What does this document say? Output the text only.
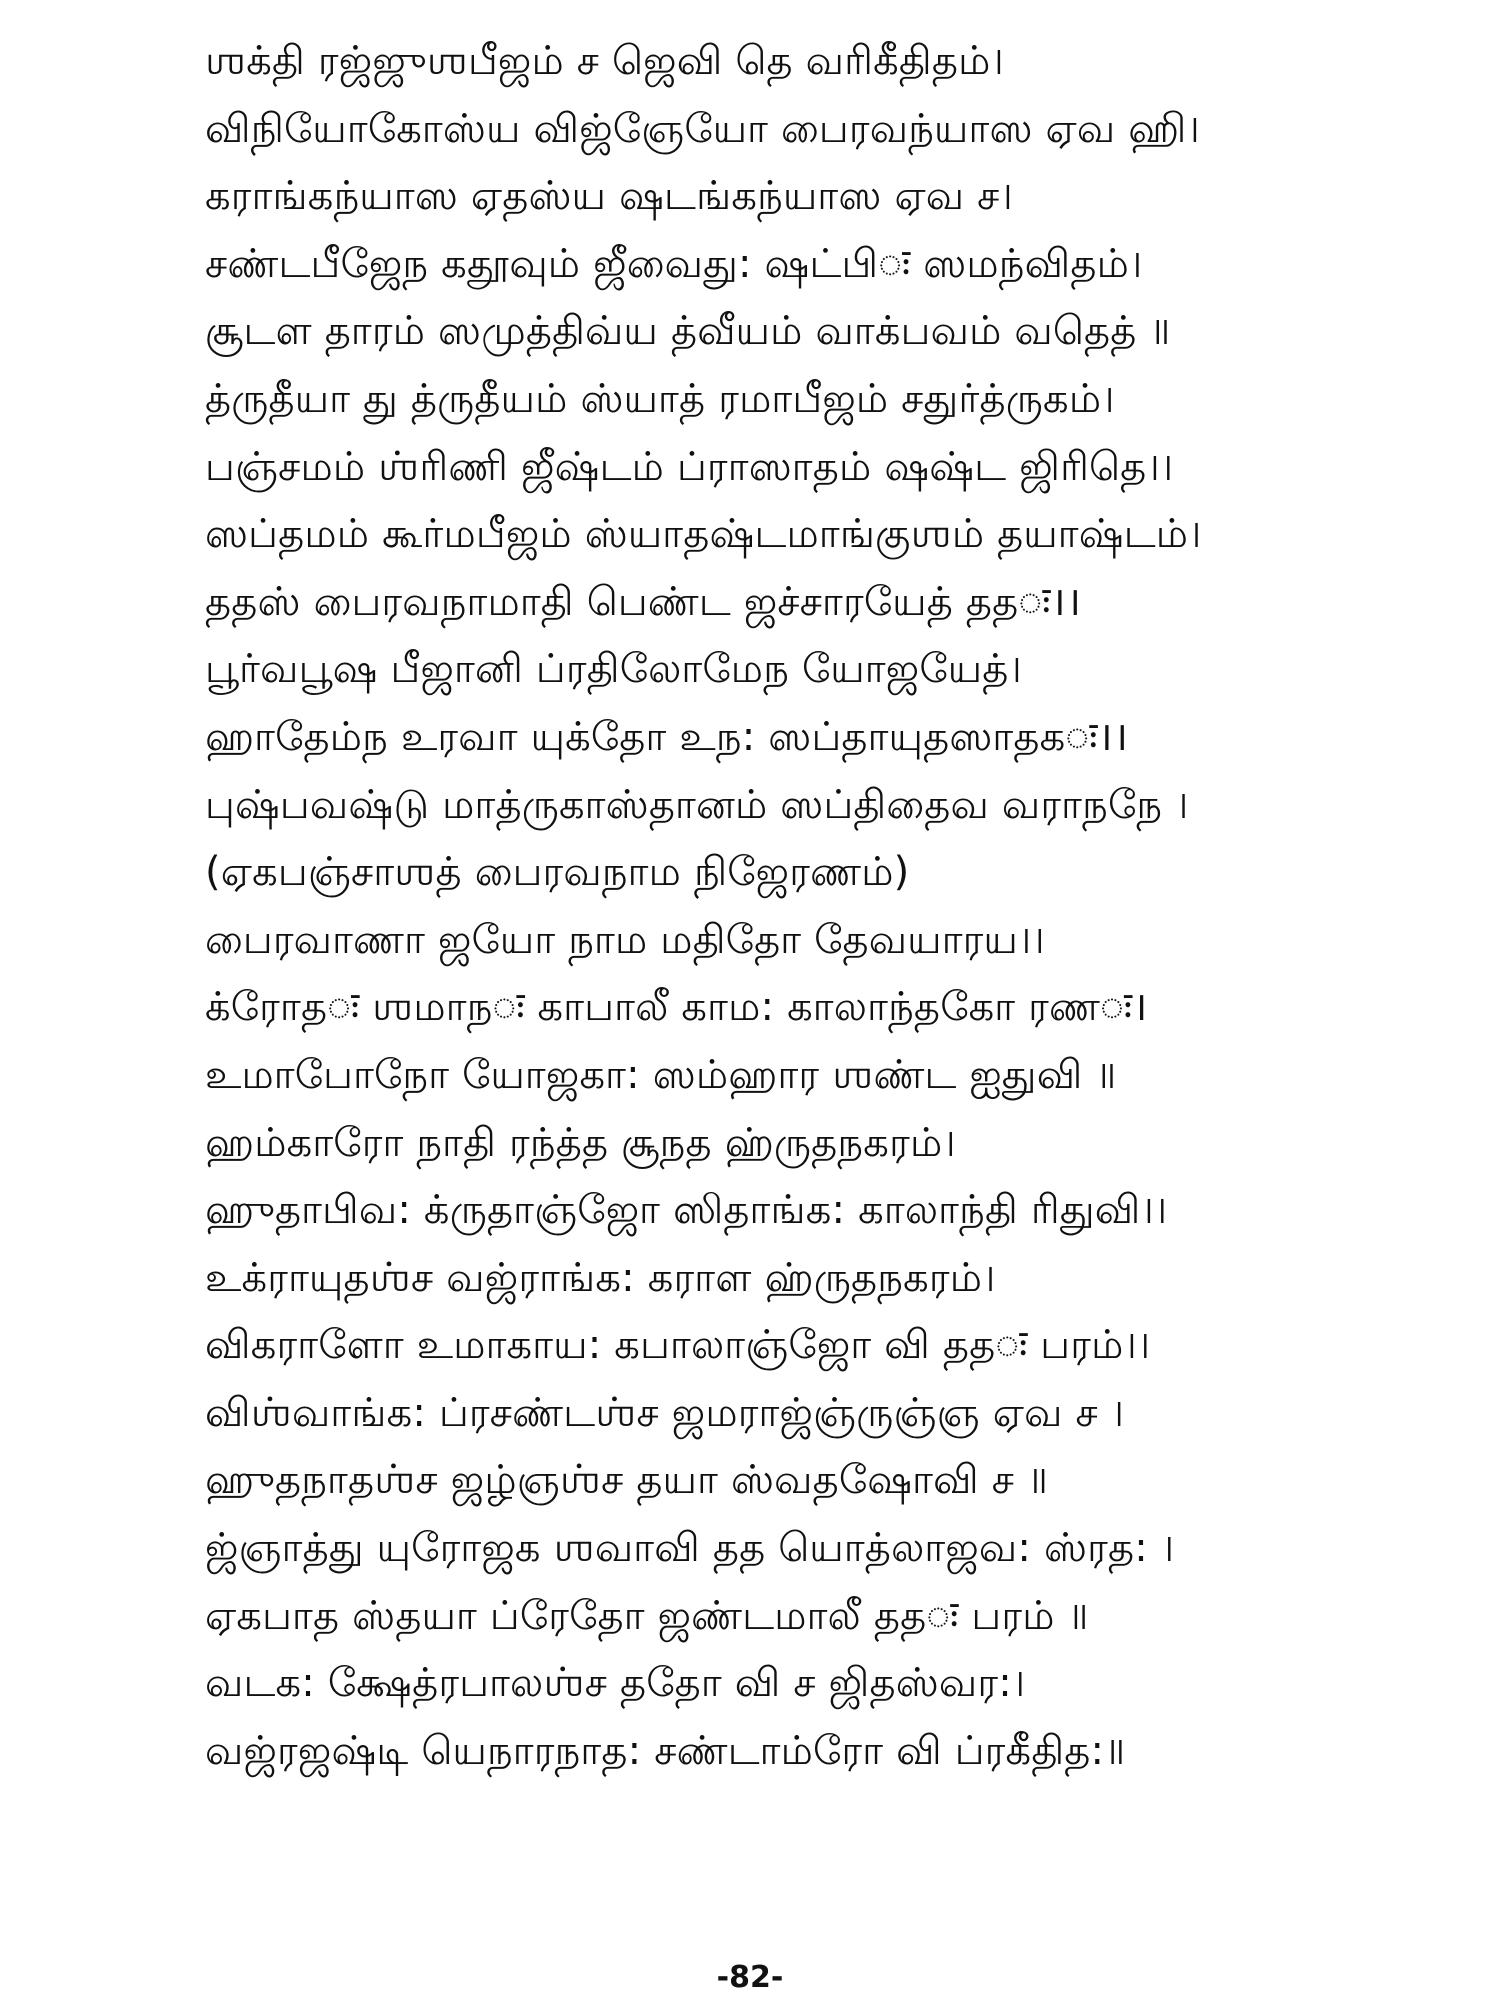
ஶக்தி ரஜ்ஜுஶபீஜம் ச ஜெவி தெ வரிகீதிதம்।
விநியோகோஸ்ய விஜ்ஞேயோ பைரவந்யாஸ ஏவ ஹி।
கராங்கந்யாஸ ஏதஸ்ய ஷடங்கந்யாஸ ஏவ ச।
சண்டபீஜேந கதூவும் ஜீவைது: ஷட்பிः ஸமந்விதம்।
சூடள தாரம் ஸமுத்திவ்ய த்வீயம் வாக்பவம் வதெத் ॥
த்ருதீயா து த்ருதீயம் ஸ்யாத் ரமாபீஜம் சதுர்த்ருகம்।
பஞ்சமம் ஶ்ரிணி ஜீஷ்டம் ப்ராஸாதம் ஷஷ்ட ஜிரிதெ।।
ஸப்தமம் கூர்மபீஜம் ஸ்யாதஷ்டமாங்குஶம் தயாஷ்டம்।
ததஸ் பைரவநாமாதி பெண்ட ஜச்சாரயேத் ததः।।
பூர்வபூஷ பீஜானி ப்ரதிலோமேந யோஜயேத்।
ஹாதேம்ந உரவா யுக்தோ உந: ஸப்தாயுதஸாதகः।।
புஷ்பவஷ்டு மாத்ருகாஸ்தானம் ஸப்திதைவ வராநநே ।
(ஏகபஞ்சாஶத் பைரவநாம நிஜேரணம்)
பைரவாணா ஜயோ நாம மதிதோ தேவயாரய।।
க்ரோதः ஶமாநः காபாலீ காம: காலாந்தகோ ரணः।
உமாபோநோ யோஜகா: ஸம்ஹார ஶண்ட ஐதுவி ॥
ஹம்காரோ நாதி ரந்த்த சூநத ஹ்ருதநகரம்।
ஹுதாபிவ: க்ருதாஞ்ஜோ ஸிதாங்க: காலாந்தி ரிதுவி।।
உக்ராயுதஶ்ச வஜ்ராங்க: கராள ஹ்ருதநகரம்।
விகராளோ உமாகாய: கபாலாஞ்ஜோ வி ததः பரம்।।
விஶ்வாங்க: ப்ரசண்டஶ்ச ஜமராஜ்ஞ்ருஞ்ஞ ஏவ ச ।
ஹுதநாதஶ்ச ஜழ்ஞஶ்ச தயா ஸ்வதஷோவி ச ॥
ஜ்ஞாத்து யுரோஜக ஶவாவி தத யொத்லாஜவ: ஸ்ரத: ।
ஏகபாத ஸ்தயா ப்ரேதோ ஜண்டமாலீ ததः பரம் ॥
வடக: க்ஷேத்ரபாலஶ்ச ததோ வி ச ஜிதஸ்வர:।
வஜ்ரஜஷ்டி யெநாரநாத: சண்டாம்ரோ வி ப்ரகீதித:॥
-82-
